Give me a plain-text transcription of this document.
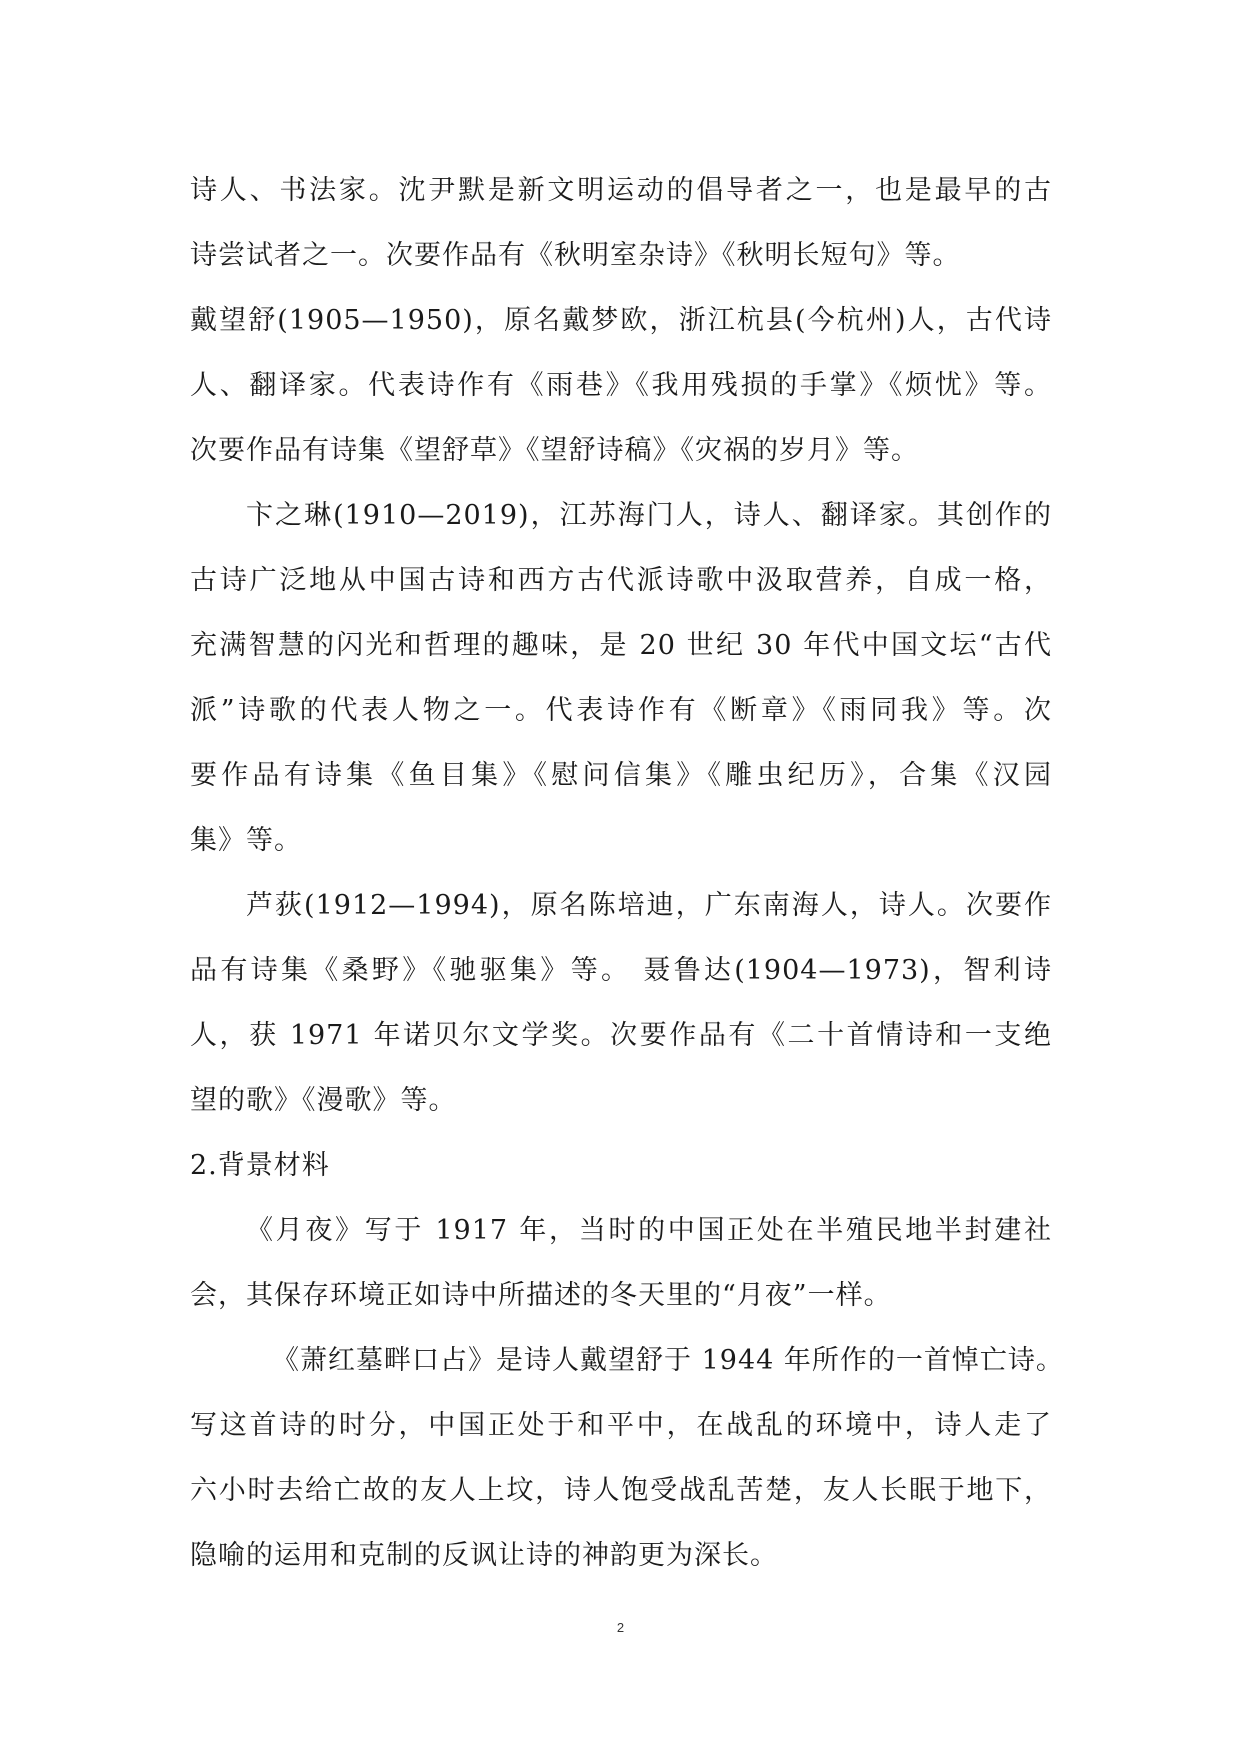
诗人、书法家。沈尹默是新文明运动的倡导者之一，也是最早的古
诗尝试者之一。次要作品有《秋明室杂诗》《秋明长短句》等。
戴望舒(1905—1950)，原名戴梦欧，浙江杭县(今杭州)人，古代诗
人、翻译家。代表诗作有《雨巷》《我用残损的手掌》《烦忧》等。
次要作品有诗集《望舒草》《望舒诗稿》《灾祸的岁月》等。
卞之琳(1910—2019)，江苏海门人，诗人、翻译家。其创作的
古诗广泛地从中国古诗和西方古代派诗歌中汲取营养，自成一格，
充满智慧的闪光和哲理的趣味，是 20 世纪 30 年代中国文坛“古代
派”诗歌的代表人物之一。代表诗作有《断章》《雨同我》等。次
要作品有诗集《鱼目集》《慰问信集》《雕虫纪历》，合集《汉园
集》等。
芦荻(1912—1994)，原名陈培迪，广东南海人，诗人。次要作
品有诗集《桑野》《驰驱集》等。 聂鲁达(1904—1973)，智利诗
人，获 1971 年诺贝尔文学奖。次要作品有《二十首情诗和一支绝
望的歌》《漫歌》等。
2.背景材料
《月夜》写于 1917 年，当时的中国正处在半殖民地半封建社
会，其保存环境正如诗中所描述的冬天里的“月夜”一样。
《萧红墓畔口占》是诗人戴望舒于 1944 年所作的一首悼亡诗。
写这首诗的时分，中国正处于和平中，在战乱的环境中，诗人走了
六小时去给亡故的友人上坟，诗人饱受战乱苦楚，友人长眠于地下，
隐喻的运用和克制的反讽让诗的神韵更为深长。
2
